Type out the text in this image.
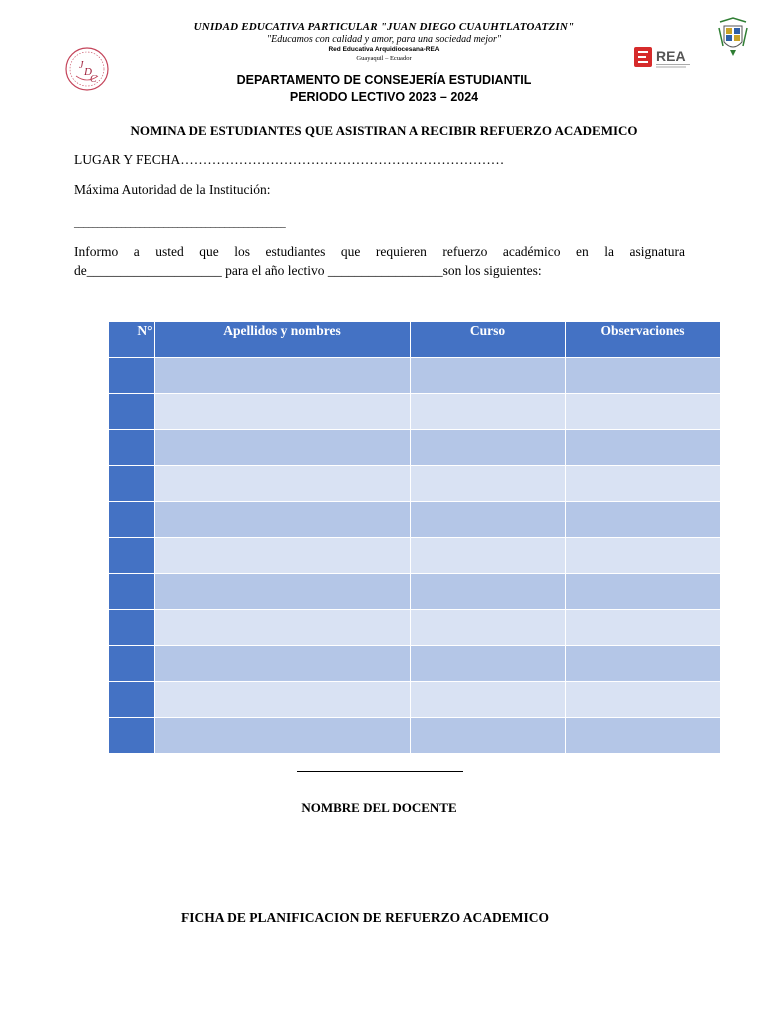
J
D
C
REA
UNIDAD EDUCATIVA PARTICULAR "JUAN DIEGO CUAUHTLATOATZIN"
"Educamos con calidad y amor, para una sociedad mejor"
Red Educativa Arquidiocesana-REA
Guayaquil – Ecuador
DEPARTAMENTO DE CONSEJERÍA ESTUDIANTIL
PERIODO LECTIVO 2023 – 2024
NOMINA DE ESTUDIANTES QUE ASISTIRAN A RECIBIR REFUERZO ACADEMICO
LUGAR Y FECHA………………………………………………………………
Máxima Autoridad de la Institución:
_____________________________________________

Informo a usted que los estudiantes que requieren refuerzo académico en la asignatura

de____________________ para el año lectivo _________________son los siguientes:

N°	Apellidos y nombres	Curso	Observaciones

NOMBRE DEL DOCENTE
FICHA DE PLANIFICACION DE REFUERZO ACADEMICO
